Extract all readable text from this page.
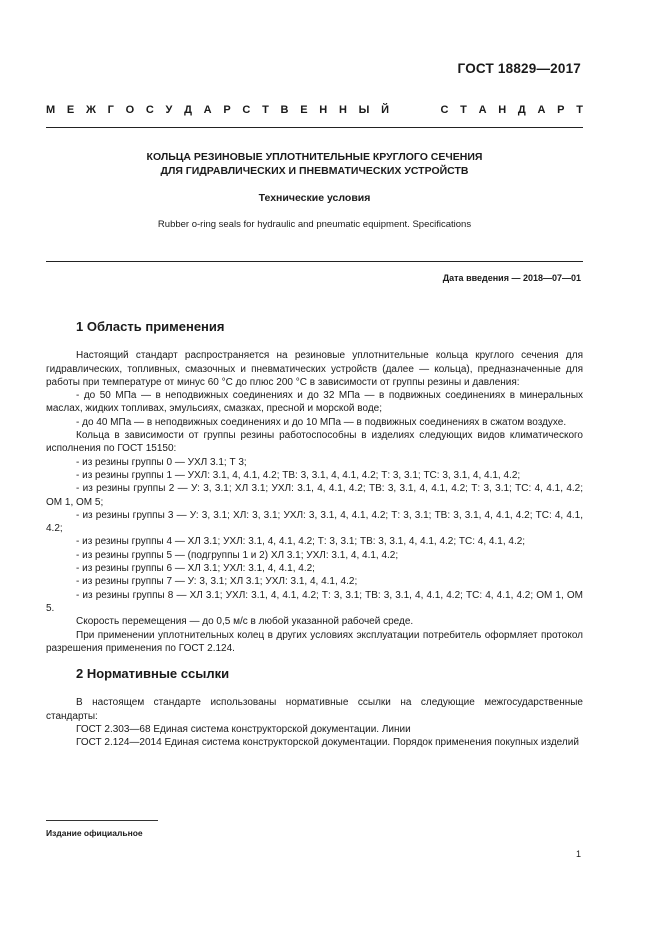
ГОСТ 18829—2017
М Е Ж Г О С У Д А Р С Т В Е Н Н Ы Й	С Т А Н Д А Р Т
КОЛЬЦА РЕЗИНОВЫЕ УПЛОТНИТЕЛЬНЫЕ КРУГЛОГО СЕЧЕНИЯ
ДЛЯ ГИДРАВЛИЧЕСКИХ И ПНЕВМАТИЧЕСКИХ УСТРОЙСТВ
Технические условия
Rubber o-ring seals for hydraulic and pneumatic equipment. Specifications
Дата введения — 2018—07—01

1 Область применения

Настоящий стандарт распространяется на резиновые уплотнительные кольца круглого сечения для гидравлических, топливных, смазочных и пневматических устройств (далее — кольца), предназначенные для работы при температуре от минус 60 °С до плюс 200 °С в зависимости от группы резины и давления:

- до 50 МПа — в неподвижных соединениях и до 32 МПа — в подвижных соединениях в минеральных маслах, жидких топливах, эмульсиях, смазках, пресной и морской воде;

- до 40 МПа — в неподвижных соединениях и до 10 МПа — в подвижных соединениях в сжатом воздухе.

Кольца в зависимости от группы резины работоспособны в изделиях следующих видов климатического исполнения по ГОСТ 15150:

- из резины группы 0 — УХЛ 3.1; Т 3;

- из резины группы 1 — УХЛ: 3.1, 4, 4.1, 4.2; ТВ: 3, 3.1, 4, 4.1, 4.2; Т: 3, 3.1; ТС: 3, 3.1, 4, 4.1, 4.2;

- из резины группы 2 — У: 3, 3.1; ХЛ 3.1; УХЛ: 3.1, 4, 4.1, 4.2; ТВ: 3, 3.1, 4, 4.1, 4.2; Т: 3, 3.1; ТС: 4, 4.1, 4.2; ОМ 1, ОМ 5;

- из резины группы 3 — У: 3, 3.1; ХЛ: 3, 3.1; УХЛ: 3, 3.1, 4, 4.1, 4.2; Т: 3, 3.1; ТВ: 3, 3.1, 4, 4.1, 4.2; ТС: 4, 4.1, 4.2;

- из резины группы 4 — ХЛ 3.1; УХЛ: 3.1, 4, 4.1, 4.2; Т: 3, 3.1; ТВ: 3, 3.1, 4, 4.1, 4.2; ТС: 4, 4.1, 4.2;

- из резины группы 5 — (подгруппы 1 и 2) ХЛ 3.1; УХЛ: 3.1, 4, 4.1, 4.2;

- из резины группы 6 — ХЛ 3.1; УХЛ: 3.1, 4, 4.1, 4.2;

- из резины группы 7 — У: 3, 3.1; ХЛ 3.1; УХЛ: 3.1, 4, 4.1, 4.2;

- из резины группы 8 — ХЛ 3.1; УХЛ: 3.1, 4, 4.1, 4.2; Т: 3, 3.1; ТВ: 3, 3.1, 4, 4.1, 4.2; ТС: 4, 4.1, 4.2; ОМ 1, ОМ 5.

Скорость перемещения — до 0,5 м/с в любой указанной рабочей среде.

При применении уплотнительных колец в других условиях эксплуатации потребитель оформляет протокол разрешения применения по ГОСТ 2.124.

2 Нормативные ссылки

В настоящем стандарте использованы нормативные ссылки на следующие межгосударственные стандарты:

ГОСТ 2.303—68 Единая система конструкторской документации. Линии

ГОСТ 2.124—2014 Единая система конструкторской документации. Порядок применения покупных изделий

Издание официальное
1
